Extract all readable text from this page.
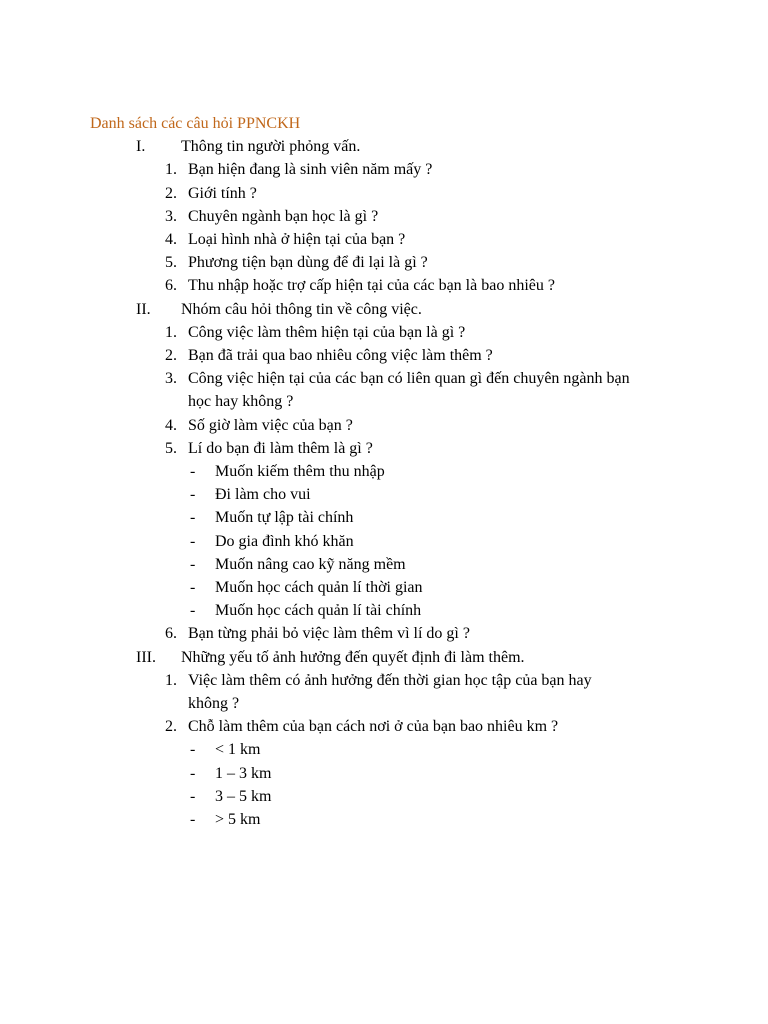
Danh sách các câu hỏi PPNCKH
I. Thông tin người phỏng vấn.
1. Bạn hiện đang là sinh viên năm mấy ?
2. Giới tính ?
3. Chuyên ngành bạn học là gì ?
4. Loại hình nhà ở hiện tại của bạn ?
5. Phương tiện bạn dùng để đi lại là gì ?
6. Thu nhập hoặc trợ cấp hiện tại của các bạn là bao nhiêu ?
II. Nhóm câu hỏi thông tin về công việc.
1. Công việc làm thêm hiện tại của bạn là gì ?
2. Bạn đã trải qua bao nhiêu công việc làm thêm ?
3. Công việc hiện tại của các bạn có liên quan gì đến chuyên ngành bạn
học hay không ?
4. Số giờ làm việc của bạn ?
5. Lí do bạn đi làm thêm là gì ?
- Muốn kiếm thêm thu nhập
- Đi làm cho vui
- Muốn tự lập tài chính
- Do gia đình khó khăn
- Muốn nâng cao kỹ năng mềm
- Muốn học cách quản lí thời gian
- Muốn học cách quản lí tài chính
6. Bạn từng phải bỏ việc làm thêm vì lí do gì ?
III. Những yếu tố ảnh hưởng đến quyết định đi làm thêm.
1. Việc làm thêm có ảnh hưởng đến thời gian học tập của bạn hay
không ?
2. Chỗ làm thêm của bạn cách nơi ở của bạn bao nhiêu km ?
- < 1 km
- 1 – 3 km
- 3 – 5 km
- > 5 km
